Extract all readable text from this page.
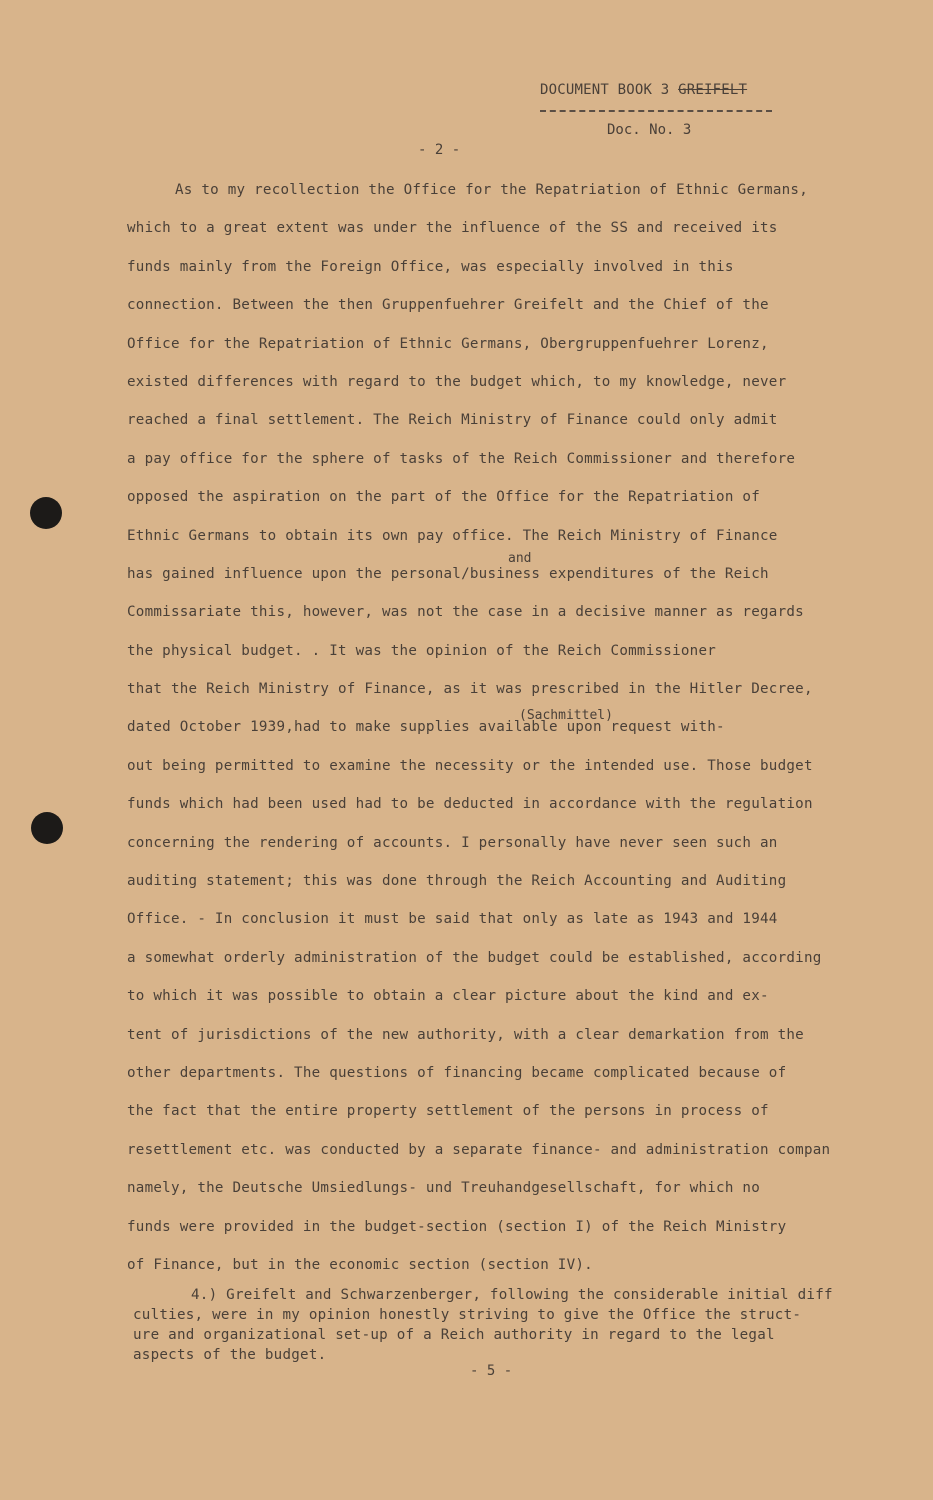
DOCUMENT BOOK 3 GREIFELT
Doc. No. 3
- 2 -
As to my recollection the Office for the Repatriation of Ethnic Germans,
which to a great extent was under the influence of the SS and received its
funds mainly from the Foreign Office, was especially involved in this
connection. Between the then Gruppenfuehrer Greifelt and the Chief of the
Office for the Repatriation of Ethnic Germans, Obergruppenfuehrer Lorenz,
existed differences with regard to the budget which, to my knowledge, never
reached a final settlement. The Reich Ministry of Finance could only admit
a pay office for the sphere of tasks of the Reich Commissioner and therefore
opposed the aspiration on the part of the Office for the Repatriation of
Ethnic Germans to obtain its own pay office. The Reich Ministry of Finance
has gained influence upon the personal/business expenditures of the Reich
Commissariate this, however, was not the case in a decisive manner as regards
the physical budget. . It was the opinion of the Reich Commissioner
that the Reich Ministry of Finance, as it was prescribed in the Hitler Decree,
dated October 1939,had to make supplies available upon request with-
out being permitted to examine the necessity or the intended use. Those budget
funds which had been used had to be deducted in accordance with the regulation
concerning the rendering of accounts. I personally have never seen such an
auditing statement; this was done through the Reich Accounting and Auditing
Office. - In conclusion it must be said that only as late as 1943 and 1944
a somewhat orderly administration of the budget could be established, according
to which it was possible to obtain a clear picture about the kind and ex-
tent of jurisdictions of the new authority, with a clear demarkation from the
other departments. The questions of financing became complicated because of
the fact that the entire property settlement of the persons in process of
resettlement etc. was conducted by a separate finance- and administration compan
namely, the Deutsche Umsiedlungs- und Treuhandgesellschaft, for which no
funds were provided in the budget-section (section I) of the Reich Ministry
of Finance, but in the economic section (section IV).
and
(Sachmittel)
4.) Greifelt and Schwarzenberger, following the considerable initial diff
culties, were in my opinion honestly striving to give the Office the struct-
ure and organizational set-up of a Reich authority in regard to the legal
aspects of the budget.
- 5 -
